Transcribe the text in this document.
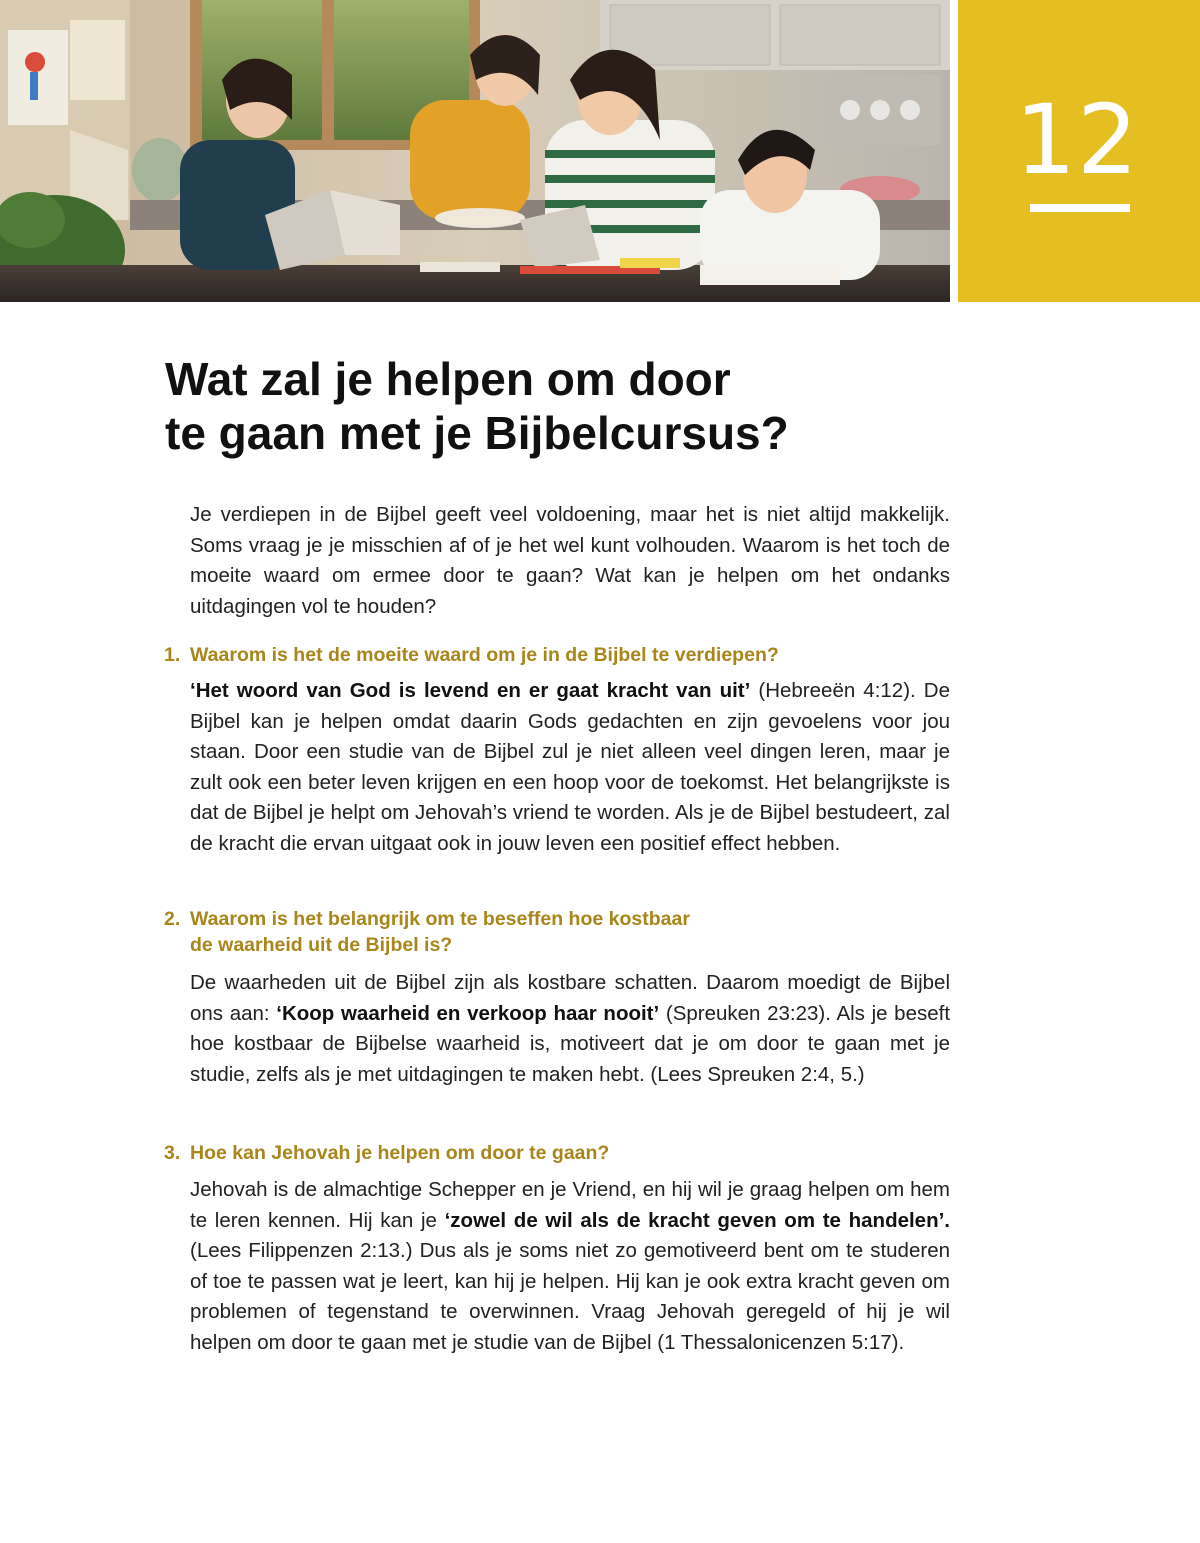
12
Wat zal je helpen om door
te gaan met je Bijbelcursus?

Je verdiepen in de Bijbel geeft veel voldoening, maar het is niet altijd makkelijk. Soms vraag je je misschien af of je het wel kunt volhouden. Waarom is het toch de moeite waard om ermee door te gaan? Wat kan je helpen om het ondanks uitdagingen vol te houden?

1. Waarom is het de moeite waard om je in de Bijbel te verdiepen?

‘Het woord van God is levend en er gaat kracht van uit’ (Hebreeën 4:12). De Bijbel kan je helpen omdat daarin Gods gedachten en zijn gevoelens voor jou staan. Door een studie van de Bijbel zul je niet alleen veel dingen leren, maar je zult ook een beter leven krijgen en een hoop voor de toekomst. Het belangrijkste is dat de Bijbel je helpt om Jehovah’s vriend te worden. Als je de Bijbel bestudeert, zal de kracht die ervan uitgaat ook in jouw leven een positief effect hebben.

2. Waarom is het belangrijk om te beseffen hoe kostbaar
de waarheid uit de Bijbel is?

De waarheden uit de Bijbel zijn als kostbare schatten. Daarom moedigt de Bijbel ons aan: ‘Koop waarheid en verkoop haar nooit’ (Spreuken 23:23). Als je beseft hoe kostbaar de Bijbelse waarheid is, motiveert dat je om door te gaan met je studie, zelfs als je met uitdagingen te maken hebt. (Lees Spreuken 2:4, 5.)

3. Hoe kan Jehovah je helpen om door te gaan?

Jehovah is de almachtige Schepper en je Vriend, en hij wil je graag helpen om hem te leren kennen. Hij kan je ‘zowel de wil als de kracht geven om te handelen’. (Lees Filippenzen 2:13.) Dus als je soms niet zo gemotiveerd bent om te studeren of toe te passen wat je leert, kan hij je helpen. Hij kan je ook extra kracht geven om problemen of tegenstand te overwinnen. Vraag Jehovah geregeld of hij je wil helpen om door te gaan met je studie van de Bijbel (1 Thessalonicenzen 5:17).
